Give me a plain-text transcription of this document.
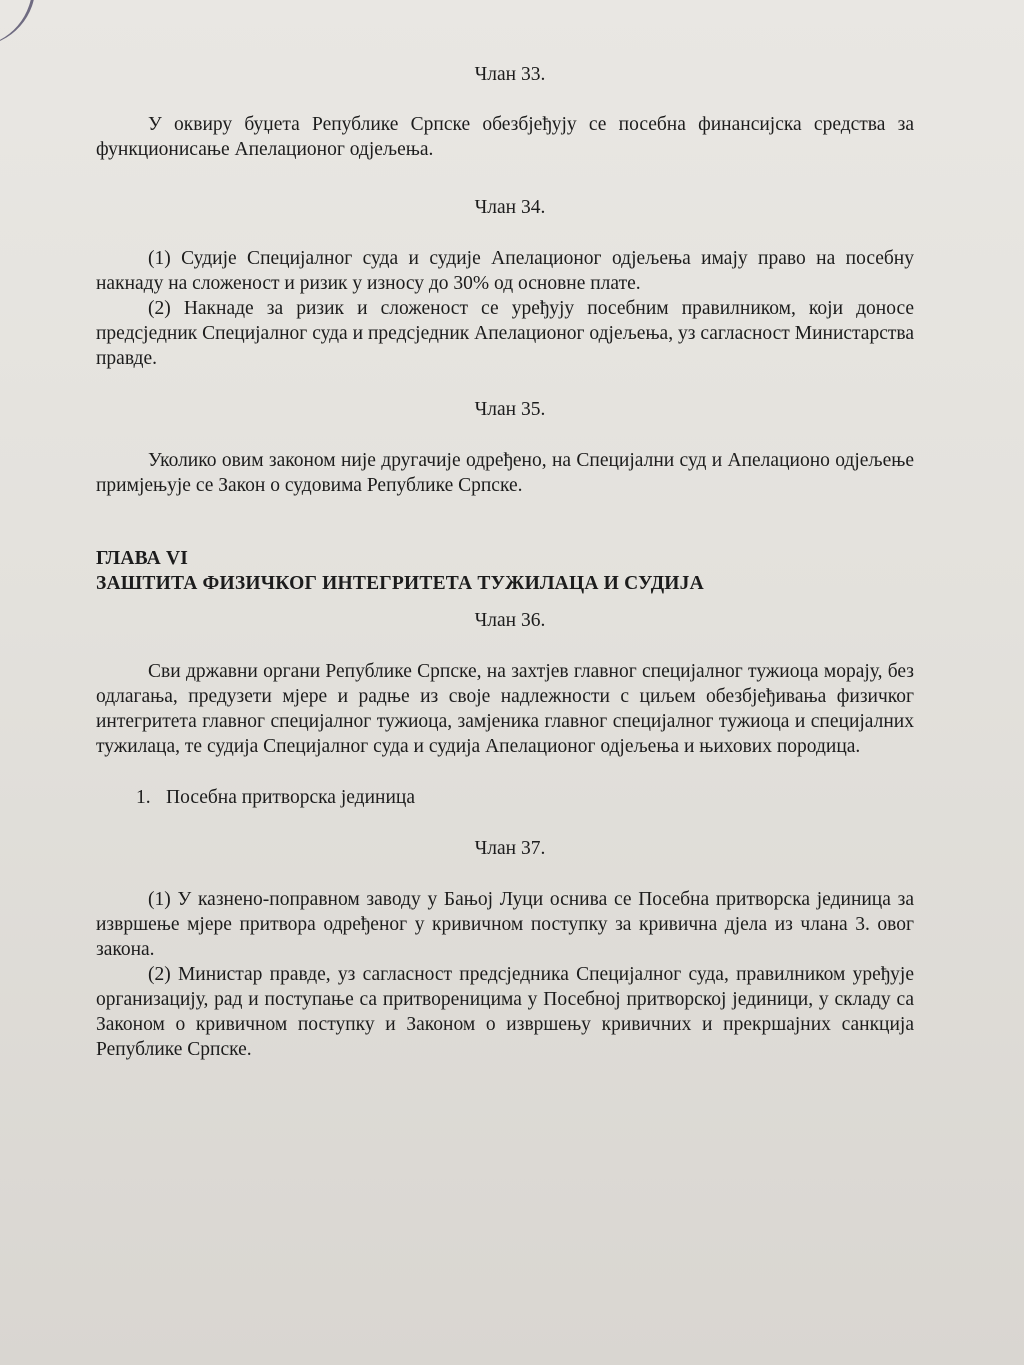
Члан 33.

У оквиру буџета Републике Српске обезбјеђују се посебна финансијска средства за функционисање Апелационог одјељења.

Члан 34.

(1) Судије Специјалног суда и судије Апелационог одјељења имају право на посебну накнаду на сложеност и ризик у износу до 30% од основне плате.

(2) Накнаде за ризик и сложеност се уређују посебним правилником, који доносе предсједник Специјалног суда и предсједник Апелационог одјељења, уз сагласност Министарства правде.

Члан 35.

Уколико овим законом није другачије одређено, на Специјални суд и Апелационо одјељење примјењује се Закон о судовима Републике Српске.

ГЛАВА VI

ЗАШТИТА ФИЗИЧКОГ ИНТЕГРИТЕТА ТУЖИЛАЦА И СУДИЈА

Члан 36.

Сви државни органи Републике Српске, на захтјев главног специјалног тужиоца морају, без одлагања, предузети мјере и радње из своје надлежности с циљем обезбјеђивања физичког интегритета главног специјалног тужиоца, замјеника главног специјалног тужиоца и специјалних тужилаца, те судија Специјалног суда и судија Апелационог одјељења и њихових породица.

1. Посебна притворска јединица

Члан 37.

(1) У казнено-поправном заводу у Бањој Луци оснива се Посебна притворска јединица за извршење мјере притвора одређеног у кривичном поступку за кривична дјела из члана 3. овог закона.

(2) Министар правде, уз сагласност предсједника Специјалног суда, правилником уређује организацију, рад и поступање са притвореницима у Посебној притворској јединици, у складу са Законом о кривичном поступку и Законом о извршењу кривичних и прекршајних санкција Републике Српске.
